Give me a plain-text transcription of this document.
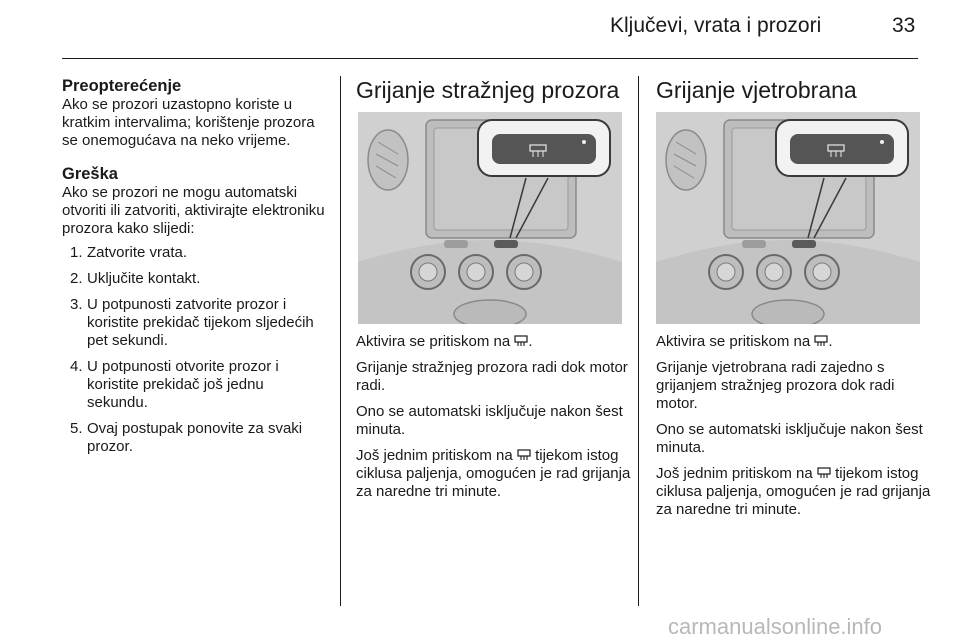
Ključevi, vrata i prozori	33
Preopterećenje

Ako se prozori uzastopno koriste u kratkim intervalima; korištenje prozora se onemogućava na neko vrijeme.

Greška

Ako se prozori ne mogu automatski otvoriti ili zatvoriti, aktivirajte elektroniku prozora kako slijedi:

1. Zatvorite vrata.
2. Uključite kontakt.
3. U potpunosti zatvorite prozor i koristite prekidač tijekom sljedećih pet sekundi.
4. U potpunosti otvorite prozor i koristite prekidač još jednu sekundu.
5. Ovaj postupak ponovite za svaki prozor.
Grijanje stražnjeg prozora

Aktivira se pritiskom na .

Grijanje stražnjeg prozora radi dok motor radi.

Ono se automatski isključuje nakon šest minuta.

Još jednim pritiskom na tijekom istog ciklusa paljenja, omogućen je rad grijanja za naredne tri minute.

Grijanje vjetrobrana

Aktivira se pritiskom na .

Grijanje vjetrobrana radi zajedno s grijanjem stražnjeg prozora dok radi motor.

Ono se automatski isključuje nakon šest minuta.

Još jednim pritiskom na tijekom istog ciklusa paljenja, omogućen je rad grijanja za naredne tri minute.

carmanualsonline.info
